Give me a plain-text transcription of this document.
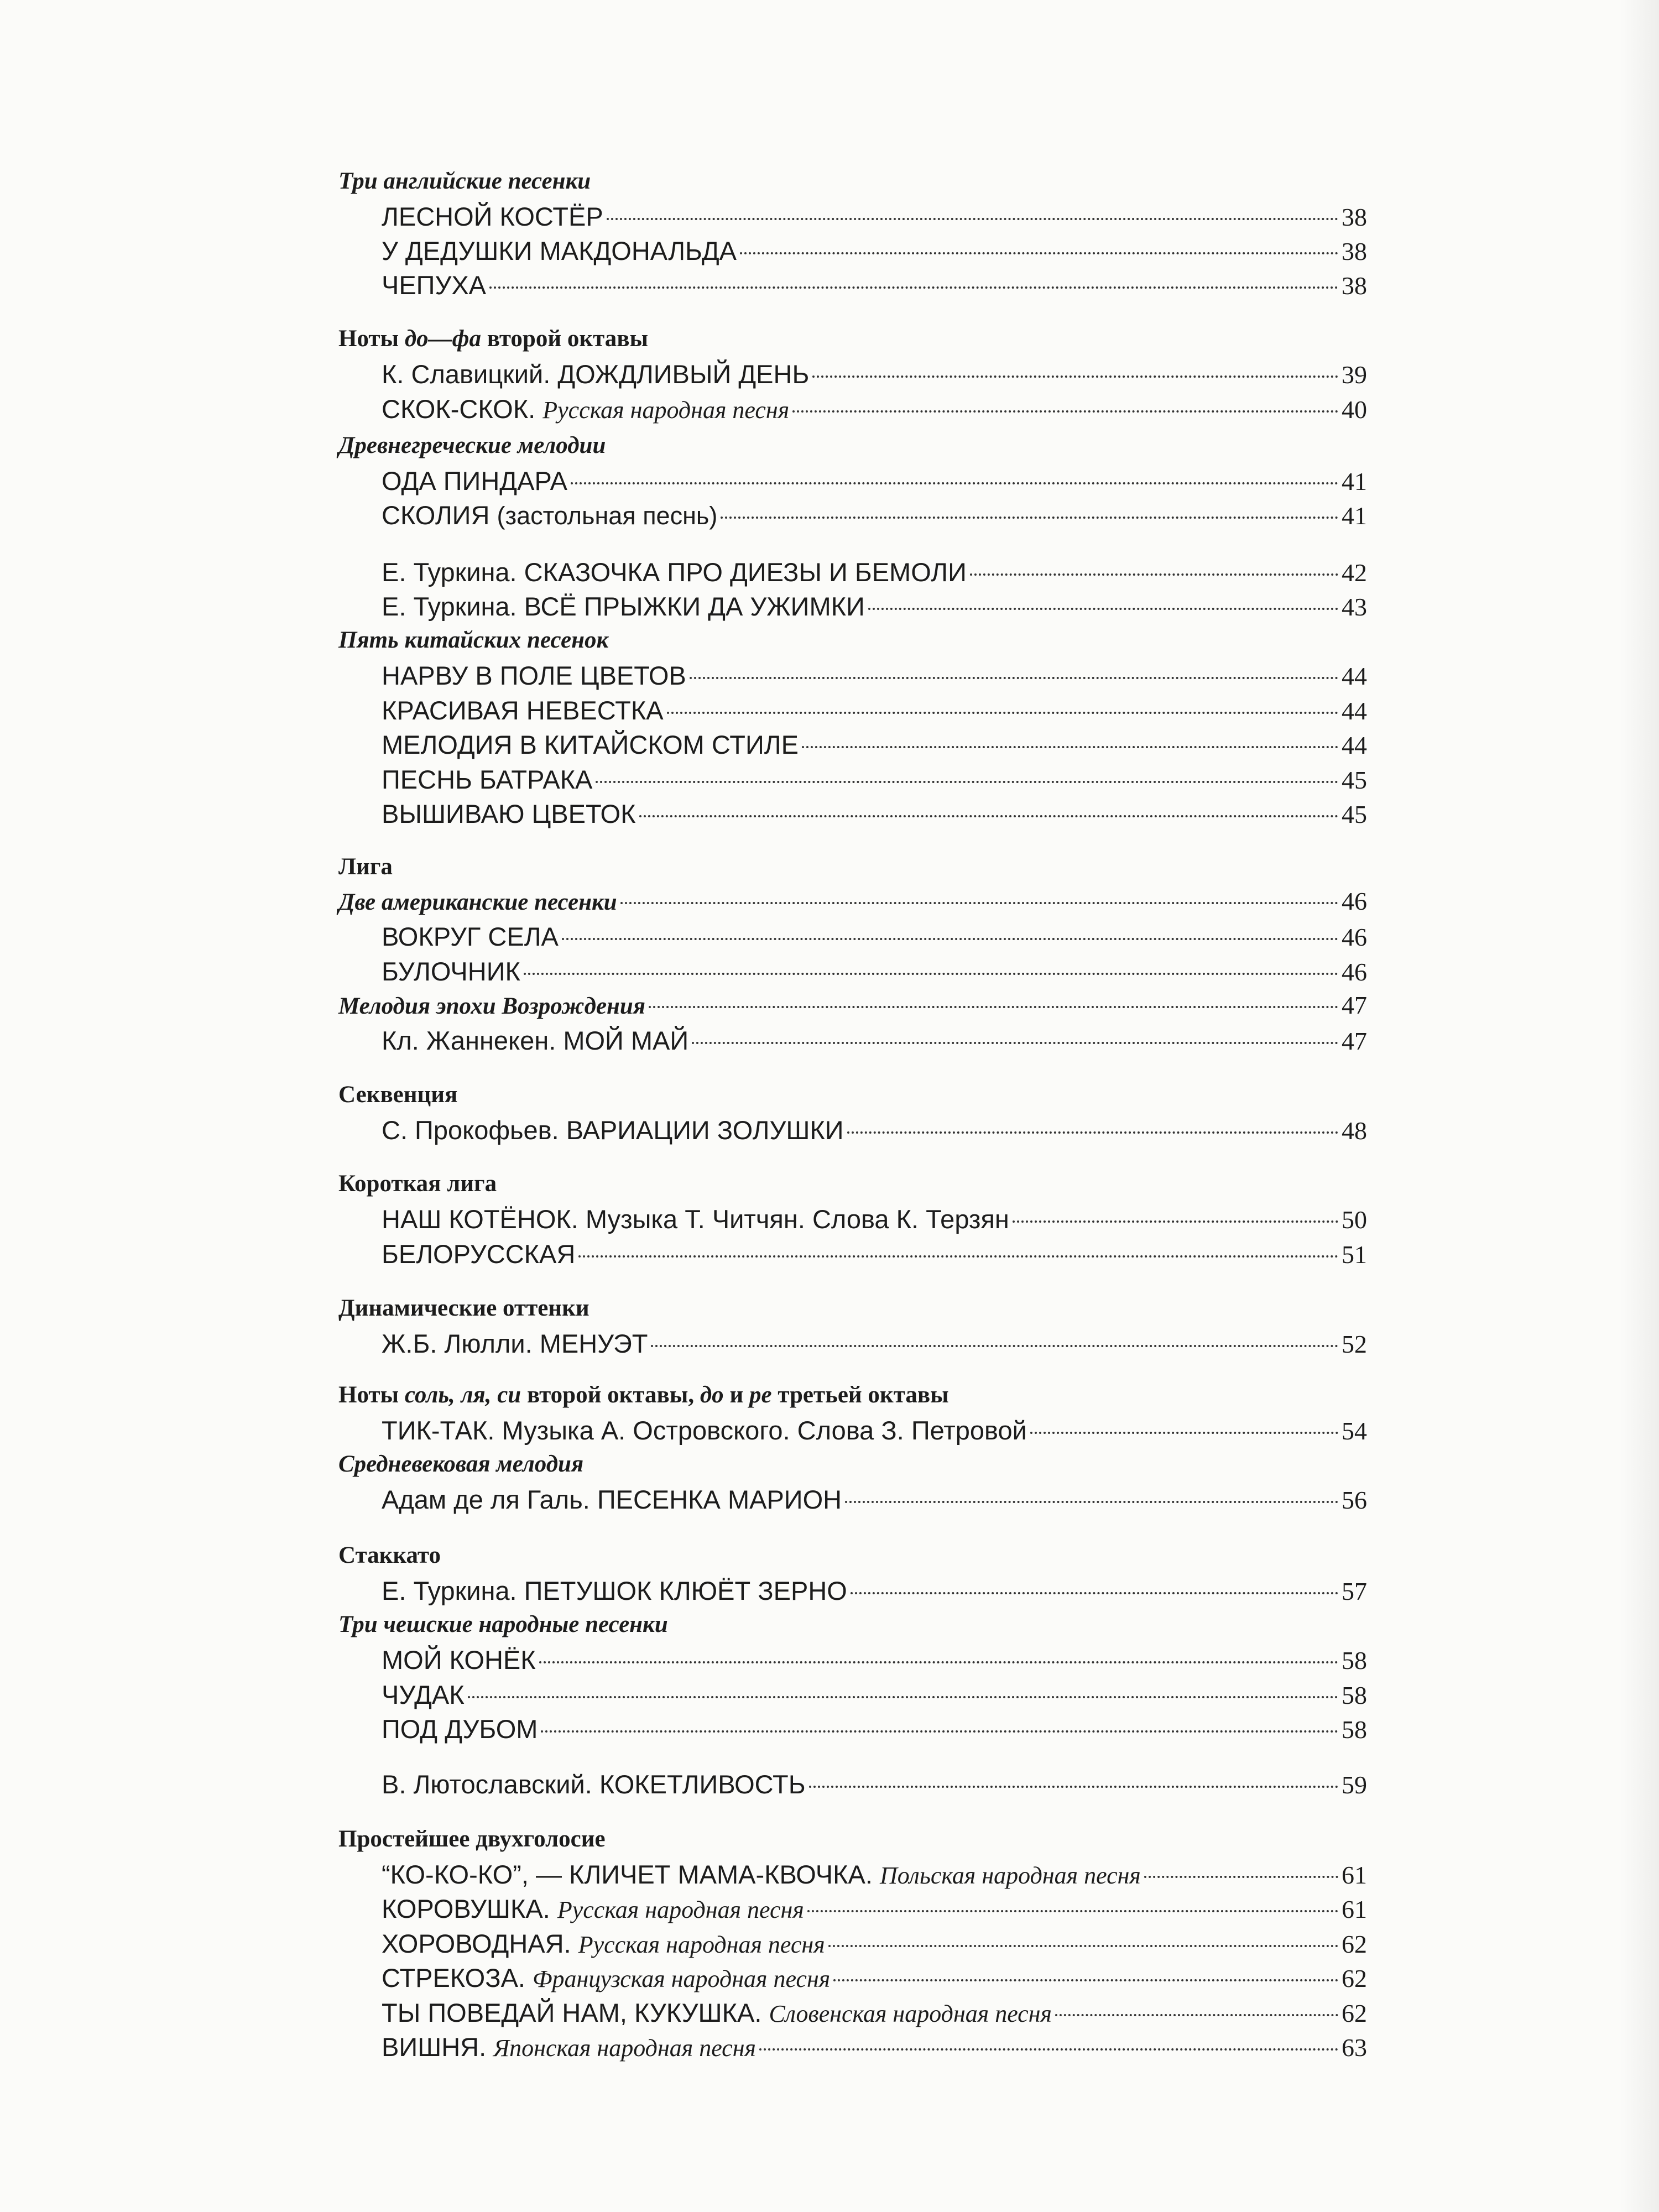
Три английские песенки
ЛЕСНОЙ КОСТЁР	38
У ДЕДУШКИ МАКДОНАЛЬДА	38
ЧЕПУХА	38
Ноты до—фа второй октавы
К. Славицкий. ДОЖДЛИВЫЙ ДЕНЬ	39
СКОК-СКОК. Русская народная песня	40
Древнегреческие мелодии
ОДА ПИНДАРА	41
СКОЛИЯ (застольная песнь)	41
Е. Туркина. СКАЗОЧКА ПРО ДИЕЗЫ И БЕМОЛИ	42
Е. Туркина. ВСЁ ПРЫЖКИ ДА УЖИМКИ	43
Пять китайских песенок
НАРВУ В ПОЛЕ ЦВЕТОВ	44
КРАСИВАЯ НЕВЕСТКА	44
МЕЛОДИЯ В КИТАЙСКОМ СТИЛЕ	44
ПЕСНЬ БАТРАКА	45
ВЫШИВАЮ ЦВЕТОК	45
Лига
Две американские песенки	46
ВОКРУГ СЕЛА	46
БУЛОЧНИК	46
Мелодия эпохи Возрождения	47
Кл. Жаннекен. МОЙ МАЙ	47
Секвенция
С. Прокофьев. ВАРИАЦИИ ЗОЛУШКИ	48
Короткая лига
НАШ КОТЁНОК. Музыка Т. Читчян. Слова К. Терзян	50
БЕЛОРУССКАЯ	51
Динамические оттенки
Ж.Б. Люлли. МЕНУЭТ	52
Ноты соль, ля, си второй октавы, до и ре третьей октавы
ТИК-ТАК. Музыка А. Островского. Слова З. Петровой	54
Средневековая мелодия
Адам де ля Галь. ПЕСЕНКА МАРИОН	56
Стаккато
Е. Туркина. ПЕТУШОК КЛЮЁТ ЗЕРНО	57
Три чешские народные песенки
МОЙ КОНЁК	58
ЧУДАК	58
ПОД ДУБОМ	58
В. Лютославский. КОКЕТЛИВОСТЬ	59
Простейшее двухголосие
“КО-КО-КО”, — КЛИЧЕТ МАМА-КВОЧКА. Польская народная песня	61
КОРОВУШКА. Русская народная песня	61
ХОРОВОДНАЯ. Русская народная песня	62
СТРЕКОЗА. Французская народная песня	62
ТЫ ПОВЕДАЙ НАМ, КУКУШКА. Словенская народная песня	62
ВИШНЯ. Японская народная песня	63
